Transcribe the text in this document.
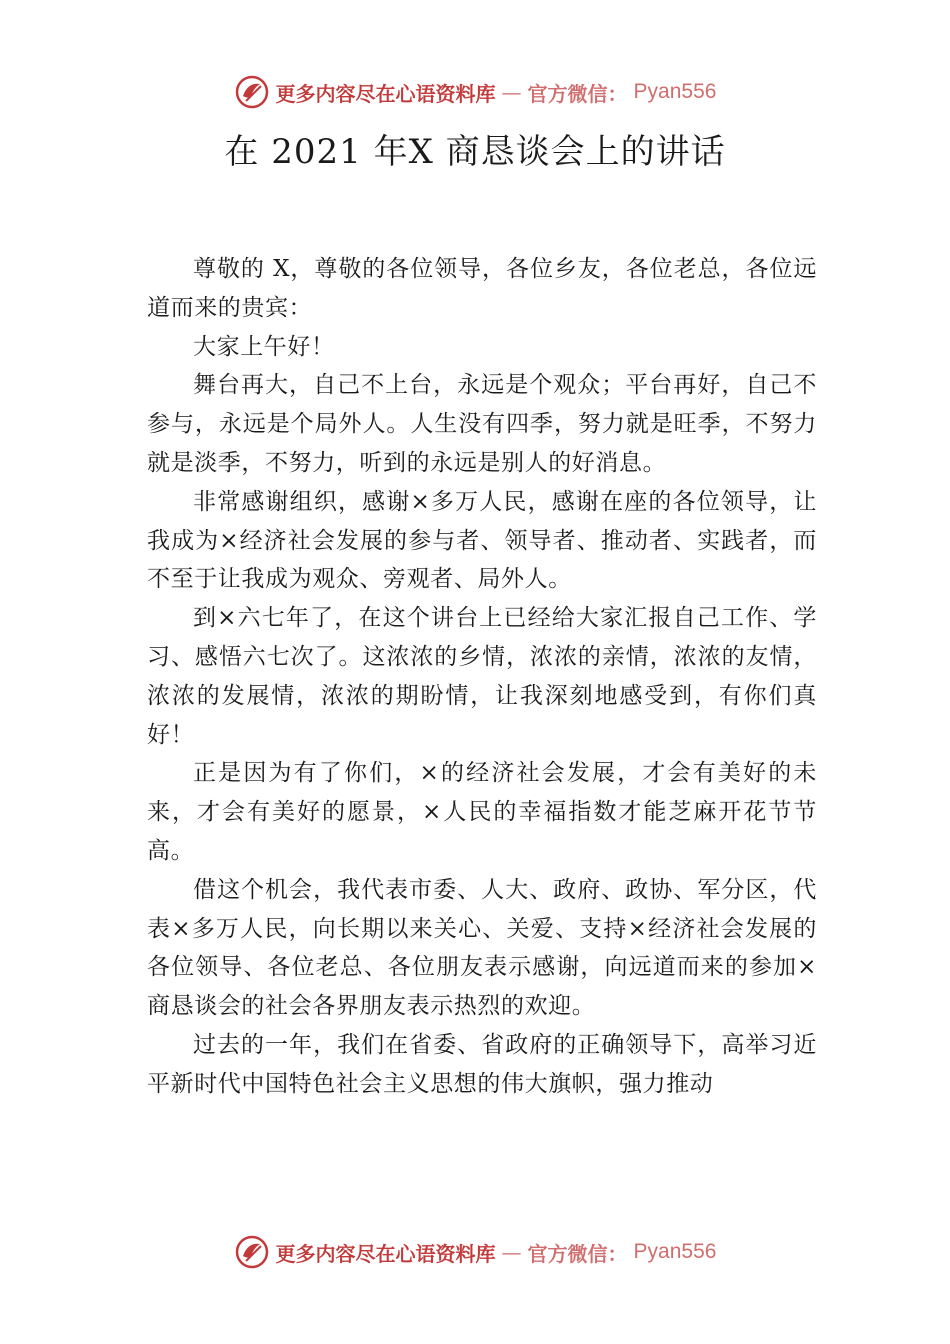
更多内容尽在心语资料库 — 官方微信： Pyan556
在 2021 年X 商恳谈会上的讲话

尊敬的 X，尊敬的各位领导，各位乡友，各位老总，各位远道而来的贵宾：

大家上午好！

舞台再大，自己不上台，永远是个观众；平台再好，自己不参与，永远是个局外人。人生没有四季，努力就是旺季，不努力就是淡季，不努力，听到的永远是别人的好消息。

非常感谢组织，感谢×多万人民，感谢在座的各位领导，让我成为×经济社会发展的参与者、领导者、推动者、实践者，而不至于让我成为观众、旁观者、局外人。

到×六七年了，在这个讲台上已经给大家汇报自己工作、学习、感悟六七次了。这浓浓的乡情，浓浓的亲情，浓浓的友情，浓浓的发展情，浓浓的期盼情，让我深刻地感受到，有你们真好！

正是因为有了你们，×的经济社会发展，才会有美好的未来，才会有美好的愿景，×人民的幸福指数才能芝麻开花节节高。

借这个机会，我代表市委、人大、政府、政协、军分区，代表×多万人民，向长期以来关心、关爱、支持×经济社会发展的各位领导、各位老总、各位朋友表示感谢，向远道而来的参加×商恳谈会的社会各界朋友表示热烈的欢迎。

过去的一年，我们在省委、省政府的正确领导下，高举习近平新时代中国特色社会主义思想的伟大旗帜，强力推动

更多内容尽在心语资料库 — 官方微信： Pyan556
